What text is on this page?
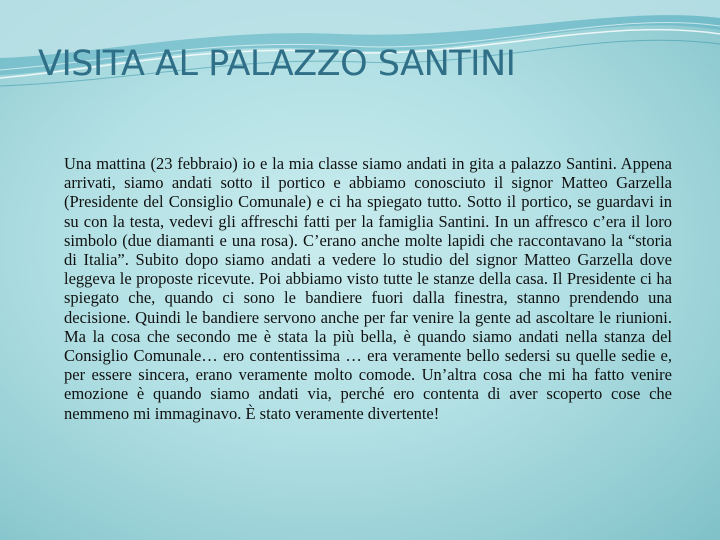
VISITA AL PALAZZO SANTINI
Una mattina (23 febbraio) io e la mia classe siamo andati in gita a palazzo Santini. Appena arrivati, siamo andati sotto il portico e abbiamo conosciuto il signor Matteo Garzella (Presidente del Consiglio Comunale) e ci ha spiegato tutto. Sotto il portico, se guardavi in su con la testa, vedevi gli affreschi fatti per la famiglia Santini. In un affresco c’era il loro simbolo (due diamanti e una rosa). C’erano anche molte lapidi che raccontavano la “storia di Italia”. Subito dopo siamo andati a vedere lo studio del signor Matteo Garzella dove leggeva le proposte ricevute. Poi abbiamo visto tutte le stanze della casa. Il Presidente ci ha spiegato che, quando ci sono le bandiere fuori dalla finestra, stanno prendendo una decisione. Quindi le bandiere servono anche per far venire la gente ad ascoltare le riunioni. Ma la cosa che secondo me è stata la più bella, è quando siamo andati nella stanza del Consiglio Comunale… ero contentissima … era veramente bello sedersi su quelle sedie e, per essere sincera, erano veramente molto comode. Un’altra cosa che mi ha fatto venire emozione è quando siamo andati via, perché ero contenta di aver scoperto cose che nemmeno mi immaginavo. È stato veramente divertente!
